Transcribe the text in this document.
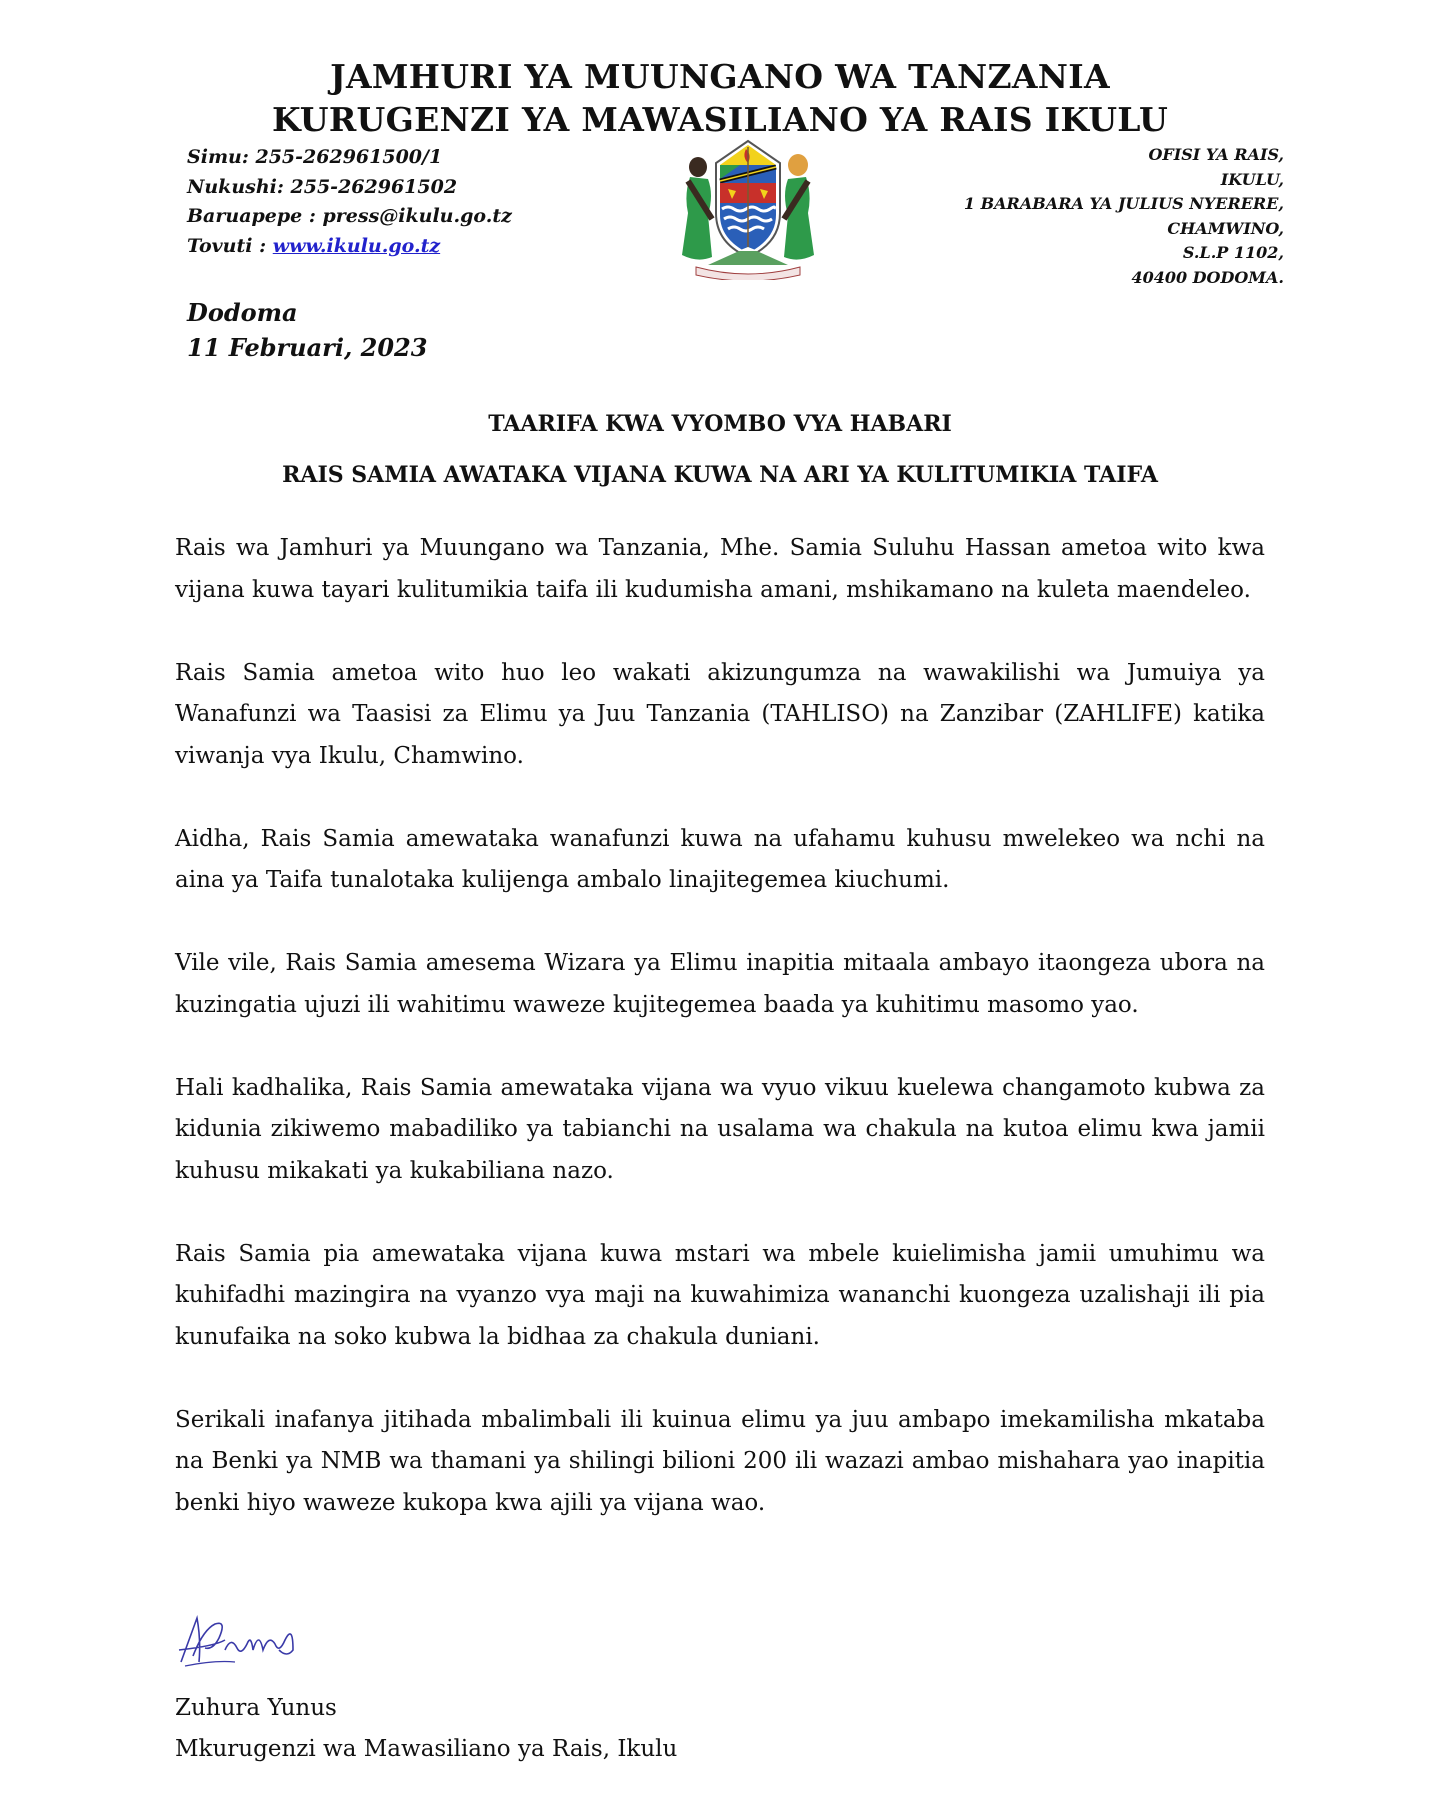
JAMHURI YA MUUNGANO WA TANZANIA
KURUGENZI YA MAWASILIANO YA RAIS IKULU
Simu: 255-262961500/1
Nukushi: 255-262961502
Baruapepe : press@ikulu.go.tz
Tovuti : www.ikulu.go.tz
OFISI YA RAIS,
IKULU,
1 BARABARA YA JULIUS NYERERE,
CHAMWINO,
S.L.P 1102,
40400 DODOMA.
Dodoma
11 Februari, 2023
TAARIFA KWA VYOMBO VYA HABARI
RAIS SAMIA AWATAKA VIJANA KUWA NA ARI YA KULITUMIKIA TAIFA

Rais wa Jamhuri ya Muungano wa Tanzania, Mhe. Samia Suluhu Hassan ametoa wito kwa vijana kuwa tayari kulitumikia taifa ili kudumisha amani, mshikamano na kuleta maendeleo.

Rais Samia ametoa wito huo leo wakati akizungumza na wawakilishi wa Jumuiya ya Wanafunzi wa Taasisi za Elimu ya Juu Tanzania (TAHLISO) na Zanzibar (ZAHLIFE) katika viwanja vya Ikulu, Chamwino.

Aidha, Rais Samia amewataka wanafunzi kuwa na ufahamu kuhusu mwelekeo wa nchi na aina ya Taifa tunalotaka kulijenga ambalo linajitegemea kiuchumi.

Vile vile, Rais Samia amesema Wizara ya Elimu inapitia mitaala ambayo itaongeza ubora na kuzingatia ujuzi ili wahitimu waweze kujitegemea baada ya kuhitimu masomo yao.

Hali kadhalika, Rais Samia amewataka vijana wa vyuo vikuu kuelewa changamoto kubwa za kidunia zikiwemo mabadiliko ya tabianchi na usalama wa chakula na kutoa elimu kwa jamii kuhusu mikakati ya kukabiliana nazo.

Rais Samia pia amewataka vijana kuwa mstari wa mbele kuielimisha jamii umuhimu wa kuhifadhi mazingira na vyanzo vya maji na kuwahimiza wananchi kuongeza uzalishaji ili pia kunufaika na soko kubwa la bidhaa za chakula duniani.

Serikali inafanya jitihada mbalimbali ili kuinua elimu ya juu ambapo imekamilisha mkataba na Benki ya NMB wa thamani ya shilingi bilioni 200 ili wazazi ambao mishahara yao inapitia benki hiyo waweze kukopa kwa ajili ya vijana wao.

Zuhura Yunus
Mkurugenzi wa Mawasiliano ya Rais, Ikulu
